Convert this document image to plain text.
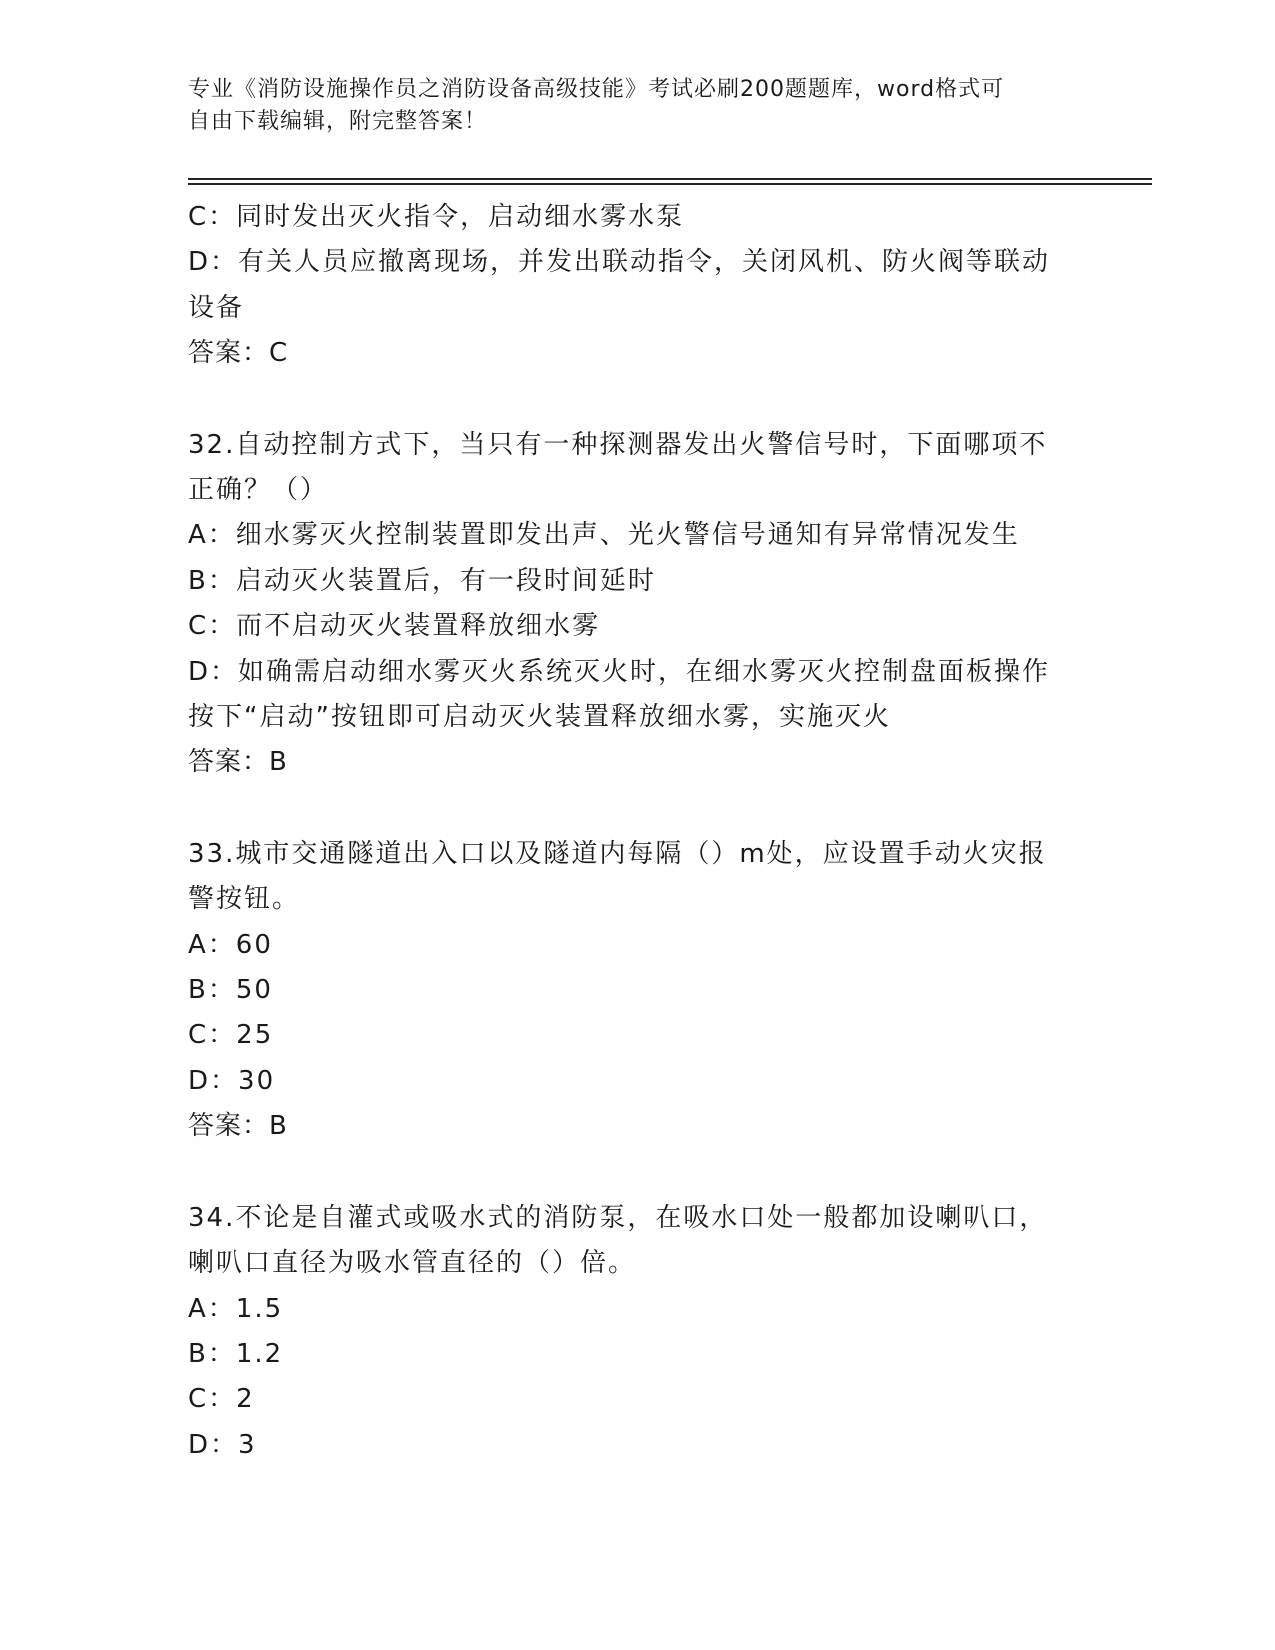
专业《消防设施操作员之消防设备高级技能》考试必刷200题题库，word格式可
自由下载编辑，附完整答案！
C：同时发出灭火指令，启动细水雾水泵
D：有关人员应撤离现场，并发出联动指令，关闭风机、防火阀等联动
设备
答案：C
32.自动控制方式下，当只有一种探测器发出火警信号时，下面哪项不
正确？（）
A：细水雾灭火控制装置即发出声、光火警信号通知有异常情况发生
B：启动灭火装置后，有一段时间延时
C：而不启动灭火装置释放细水雾
D：如确需启动细水雾灭火系统灭火时，在细水雾灭火控制盘面板操作
按下“启动”按钮即可启动灭火装置释放细水雾，实施灭火
答案：B
33.城市交通隧道出入口以及隧道内每隔（）m处，应设置手动火灾报
警按钮。
A：60
B：50
C：25
D：30
答案：B
34.不论是自灌式或吸水式的消防泵，在吸水口处一般都加设喇叭口，
喇叭口直径为吸水管直径的（）倍。
A：1.5
B：1.2
C：2
D：3
